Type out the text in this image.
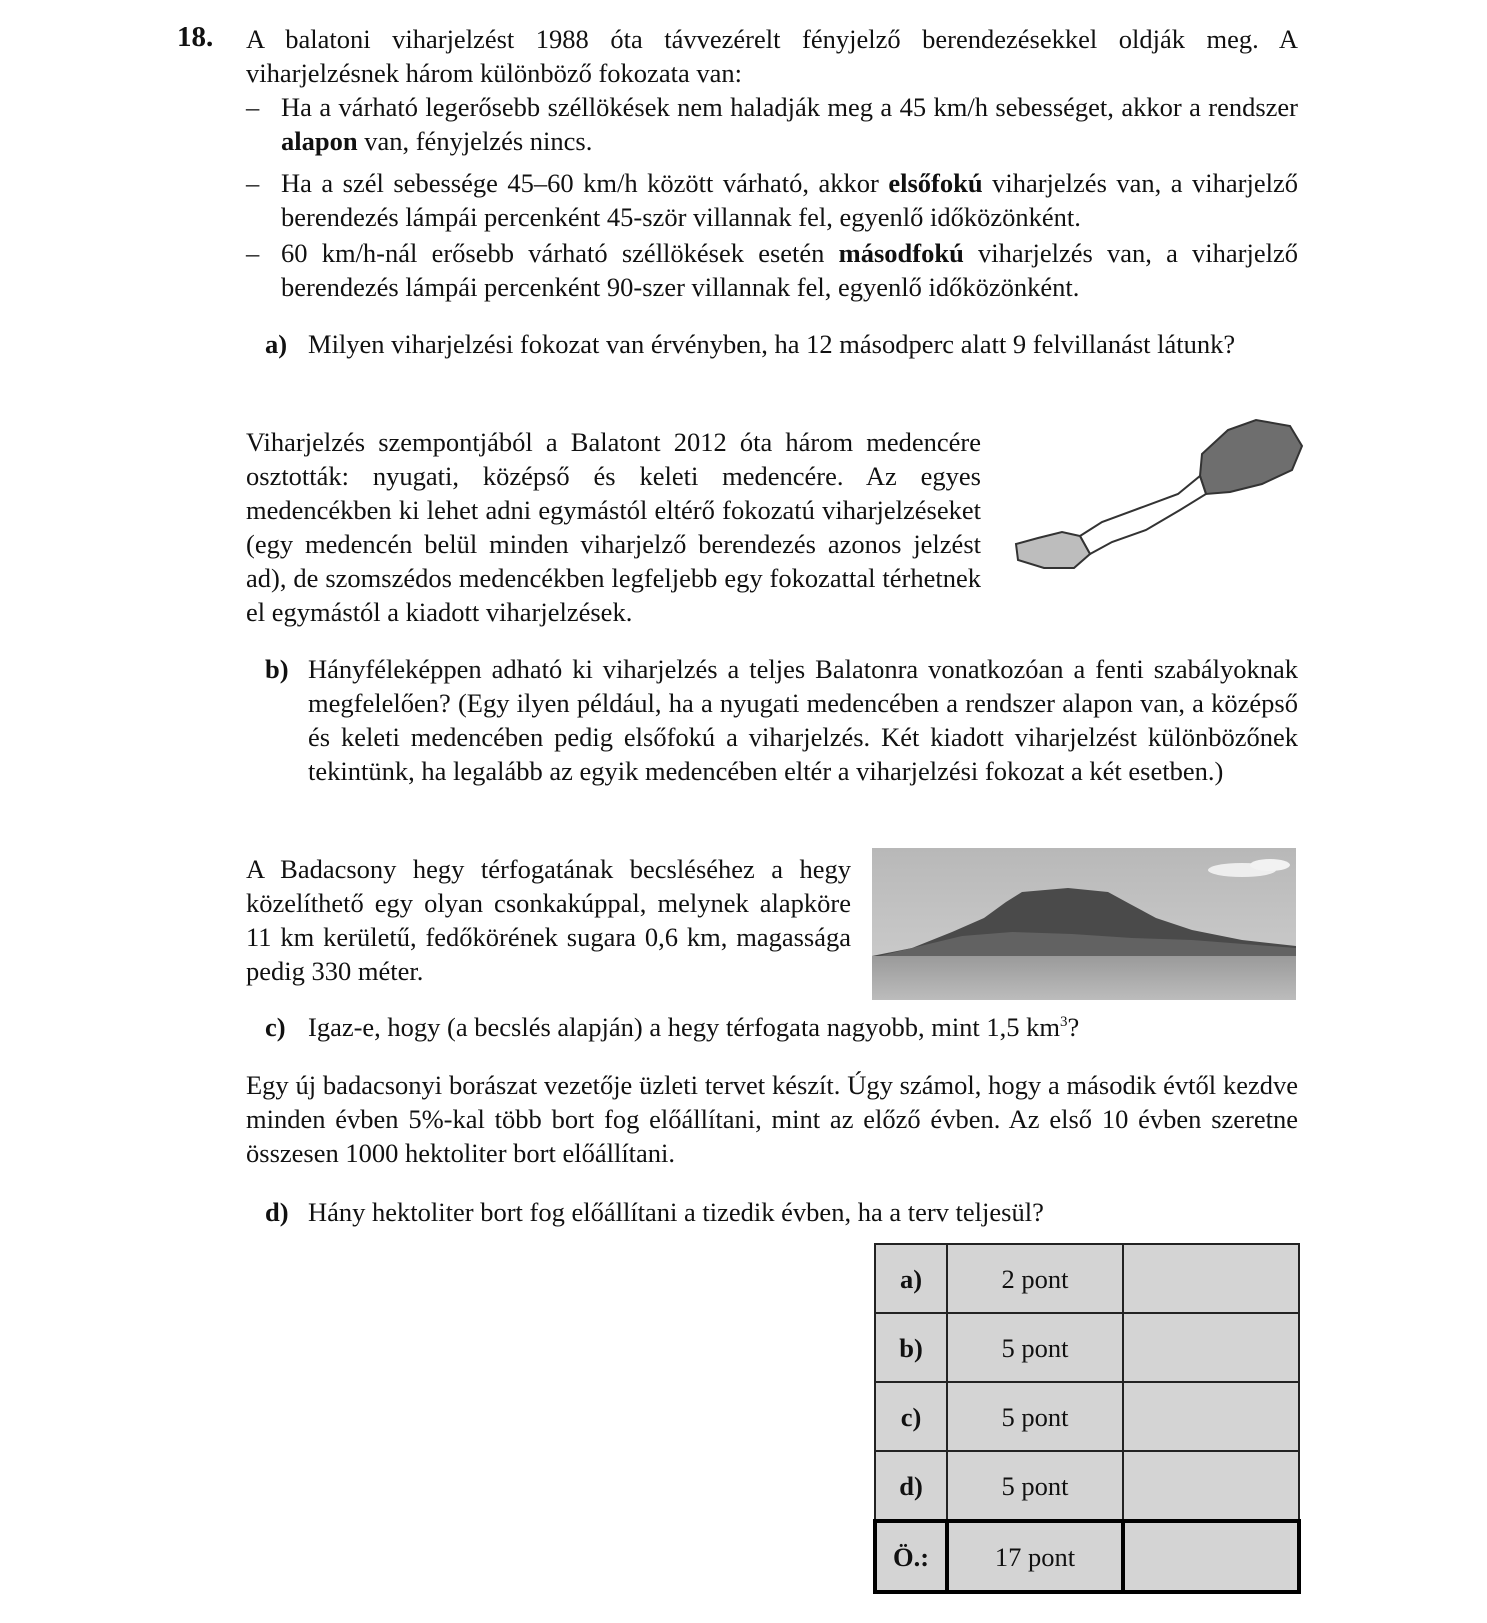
18. A balatoni viharjelzést 1988 óta távvezérelt fényjelző berendezésekkel oldják meg. A viharjelzésnek három különböző fokozata van:
– Ha a várható legerősebb széllökések nem haladják meg a 45 km/h sebességet, akkor a rendszer alapon van, fényjelzés nincs.
– Ha a szél sebessége 45–60 km/h között várható, akkor elsőfokú viharjelzés van, a viharjelző berendezés lámpái percenként 45-ször villannak fel, egyenlő időközönként.
– 60 km/h-nál erősebb várható széllökések esetén másodfokú viharjelzés van, a viharjelző berendezés lámpái percenként 90-szer villannak fel, egyenlő időközönként.
a) Milyen viharjelzési fokozat van érvényben, ha 12 másodperc alatt 9 felvillanást látunk?
Viharjelzés szempontjából a Balatont 2012 óta három medencére osztották: nyugati, középső és keleti medencére. Az egyes medencékben ki lehet adni egymástól eltérő fokozatú viharjelzéseket (egy medencén belül minden viharjelző berendezés azonos jelzést ad), de szomszédos medencékben legfeljebb egy fokozattal térhetnek el egymástól a kiadott viharjelzések.
b) Hányféleképpen adható ki viharjelzés a teljes Balatonra vonatkozóan a fenti szabályoknak megfelelően? (Egy ilyen például, ha a nyugati medencében a rendszer alapon van, a középső és keleti medencében pedig elsőfokú a viharjelzés. Két kiadott viharjelzést különbözőnek tekintünk, ha legalább az egyik medencében eltér a viharjelzési fokozat a két esetben.)
A Badacsony hegy térfogatának becsléséhez a hegy közelíthető egy olyan csonkakúppal, melynek alapköre 11 km kerületű, fedőkörének sugara 0,6 km, magassága pedig 330 méter.
c) Igaz-e, hogy (a becslés alapján) a hegy térfogata nagyobb, mint 1,5 $km^3$?
Egy új badacsonyi borászat vezetője üzleti tervet készít. Úgy számol, hogy a második évtől kezdve minden évben 5%-kal több bort fog előállítani, mint az előző évben. Az első 10 évben szeretne összesen 1000 hektoliter bort előállítani.
d) Hány hektoliter bort fog előállítani a tizedik évben, ha a terv teljesül?
a)	2 pont	
b)	5 pont	
c)	5 pont	
d)	5 pont	
Ö.:	17 pont	
